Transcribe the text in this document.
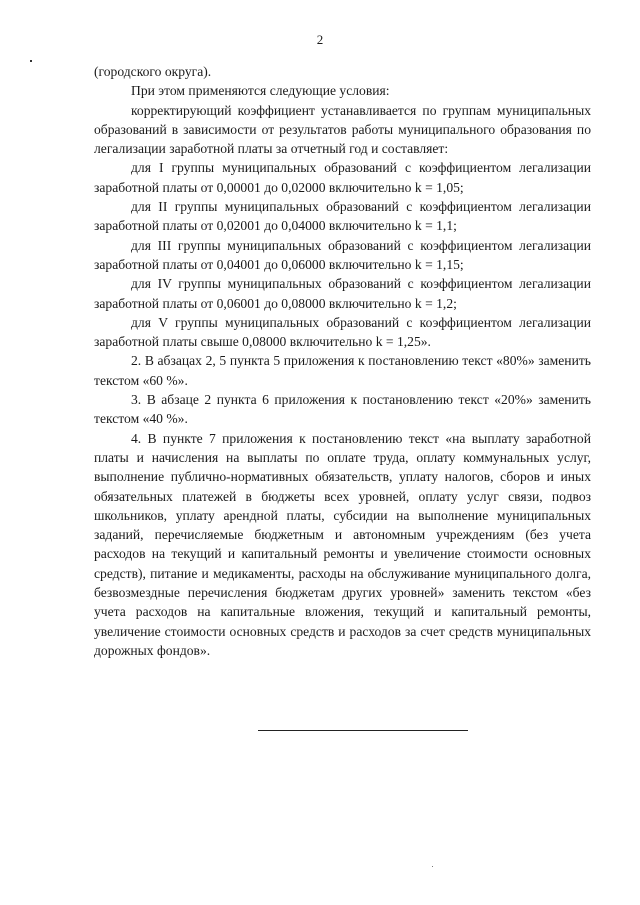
2

(городского округа).

При этом применяются следующие условия:

корректирующий коэффициент устанавливается по группам муниципальных образований в зависимости от результатов работы муниципального образования по легализации заработной платы за отчетный год и составляет:

для I группы муниципальных образований с коэффициентом легализации заработной платы от 0,00001 до 0,02000 включительно k = 1,05;

для II группы муниципальных образований с коэффициентом легализации заработной платы от 0,02001 до 0,04000 включительно k = 1,1;

для III группы муниципальных образований с коэффициентом легализации заработной платы от 0,04001 до 0,06000 включительно k = 1,15;

для IV группы муниципальных образований с коэффициентом легализации заработной платы от 0,06001 до 0,08000 включительно k = 1,2;

для V группы муниципальных образований с коэффициентом легализации заработной платы свыше 0,08000 включительно k = 1,25».

2. В абзацах 2, 5 пункта 5 приложения к постановлению текст «80%» заменить текстом «60 %».

3. В абзаце 2 пункта 6 приложения к постановлению текст «20%» заменить текстом «40 %».

4. В пункте 7 приложения к постановлению текст «на выплату заработной платы и начисления на выплаты по оплате труда, оплату коммунальных услуг, выполнение публично-нормативных обязательств, уплату налогов, сборов и иных обязательных платежей в бюджеты всех уровней, оплату услуг связи, подвоз школьников, уплату арендной платы, субсидии на выполнение муниципальных заданий, перечисляемые бюджетным и автономным учреждениям (без учета расходов на текущий и капитальный ремонты и увеличение стоимости основных средств), питание и медикаменты, расходы на обслуживание муниципального долга, безвозмездные перечисления бюджетам других уровней» заменить текстом «без учета расходов на капитальные вложения, текущий и капитальный ремонты, увеличение стоимости основных средств и расходов за счет средств муниципальных дорожных фондов».
